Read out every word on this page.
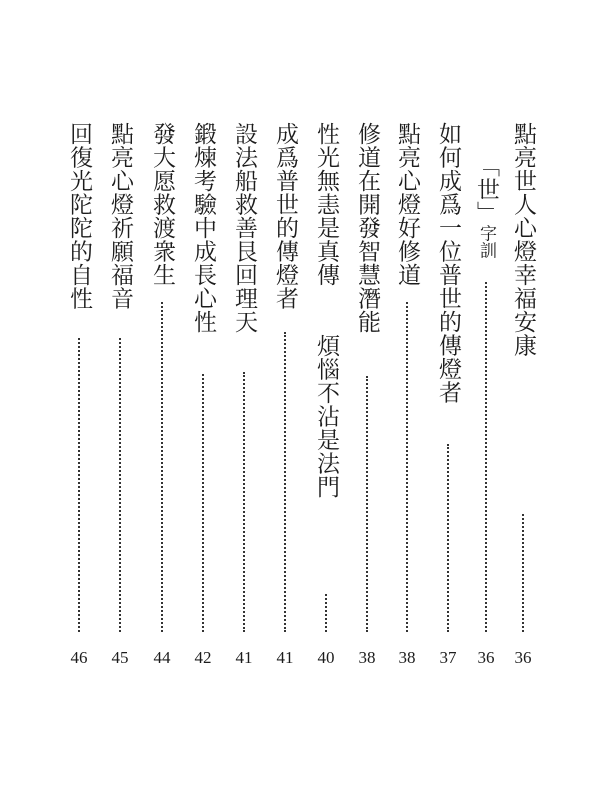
點亮世人心燈幸福安康
36
「世」字訓
36
如何成爲一位普世的傳燈者
37
點亮心燈好修道
38
修道在開發智慧潛能
38
性光無恚是真傳
煩惱不沾是法門
40
成爲普世的傳燈者
41
設法船救善艮回理天
41
鍛煉考驗中成長心性
42
發大愿救渡衆生
44
點亮心燈祈願福音
45
回復光陀陀的自性
46
